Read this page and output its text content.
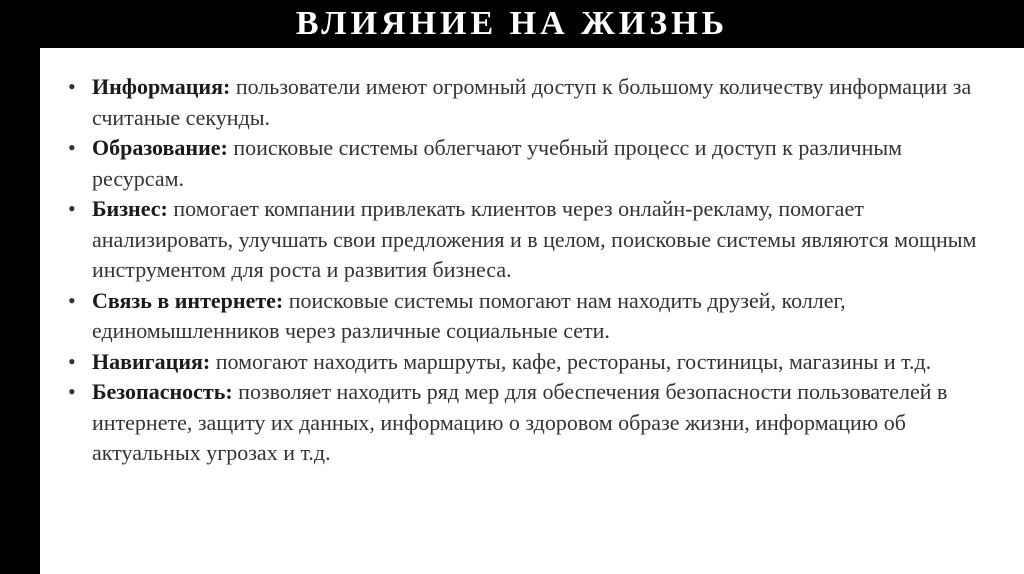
ВЛИЯНИЕ НА ЖИЗНЬ
• Информация: пользователи имеют огромный доступ к большому количеству информации за считаные секунды.
• Образование: поисковые системы облегчают учебный процесс и доступ к различным ресурсам.
• Бизнес: помогает компании привлекать клиентов через онлайн-рекламу, помогает анализировать, улучшать свои предложения и в целом, поисковые системы являются мощным инструментом для роста и развития бизнеса.
• Связь в интернете: поисковые системы помогают нам находить друзей, коллег, единомышленников через различные социальные сети.
• Навигация: помогают находить маршруты, кафе, рестораны, гостиницы, магазины и т.д.
• Безопасность: позволяет находить ряд мер для обеспечения безопасности пользователей в интернете, защиту их данных, информацию о здоровом образе жизни, информацию об актуальных угрозах и т.д.
